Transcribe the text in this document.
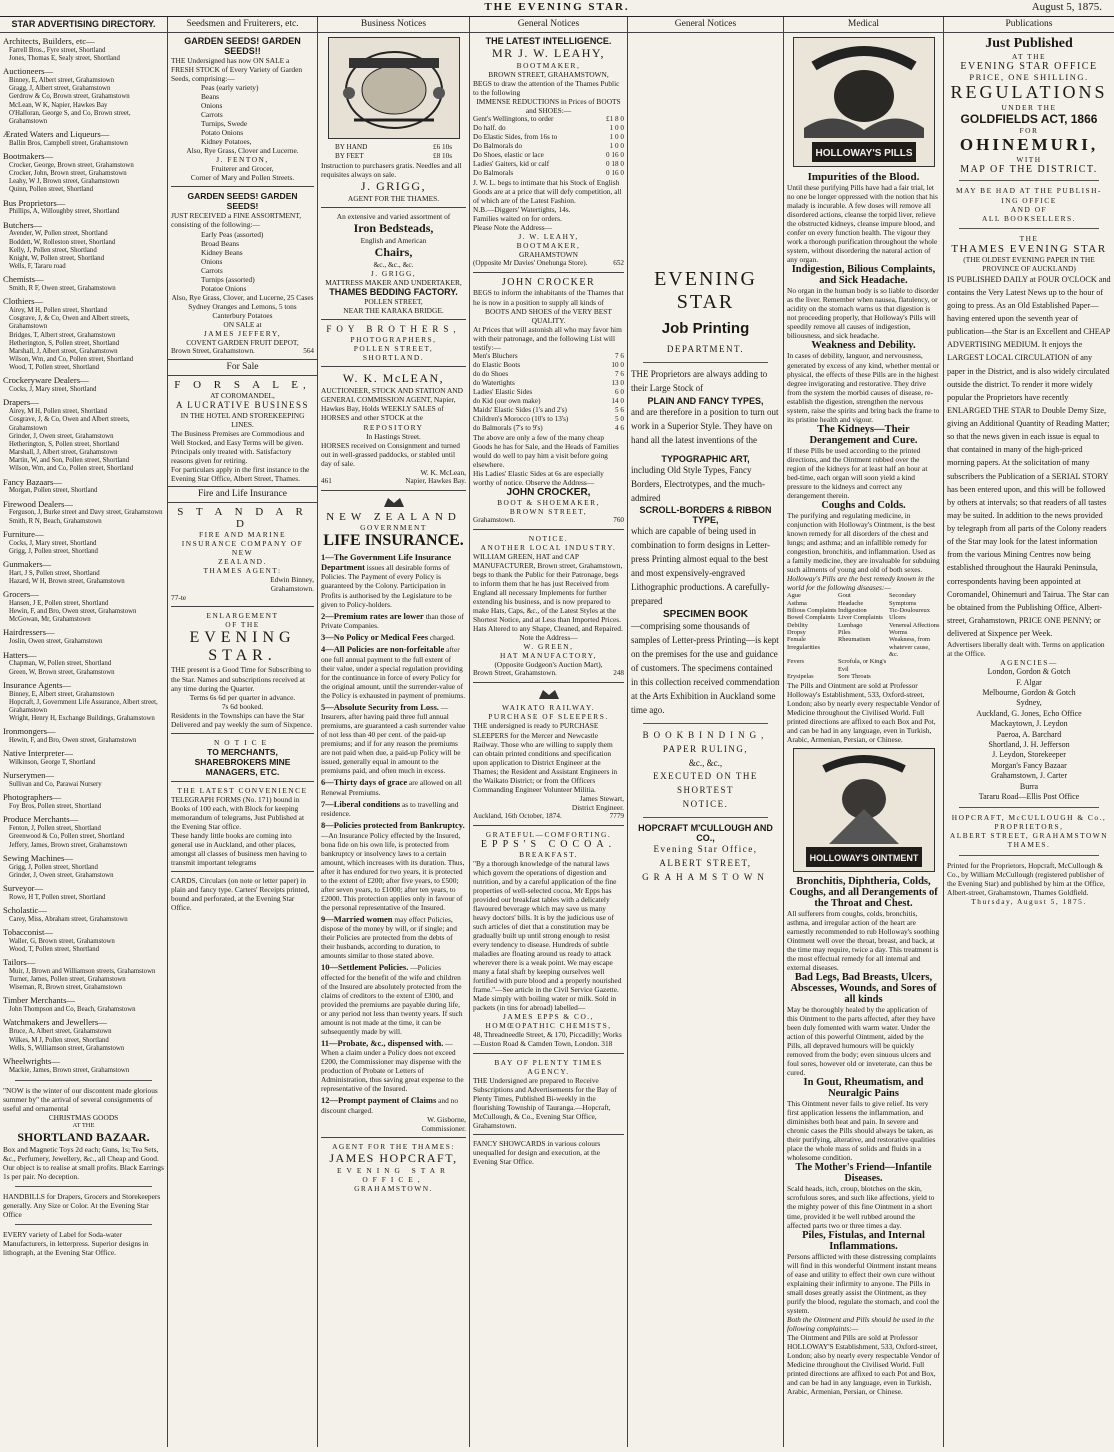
THE EVENING STAR.	August 5, 1875.
STAR ADVERTISING DIRECTORY.
Architects, Builders, etc—
Farrell Bros., Fyre street, Shortland
Jones, Thomas E, Sealy street, Shortland
Auctioneers—
Binney, E, Albert street, Grahamstown
Gragg, J, Albert street, Grahamstown
Gerdrow & Co, Brown street, Grahamstown
McLean, W K, Napier, Hawkes Bay
O'Halloran, George S, and Co, Brown street, Grahamstown
Ærated Waters and Liqueurs—
Ballin Bros, Campbell street, Grahamstown
Bootmakers—
Crocker, George, Brown street, Grahamstown
Crocker, John, Brown street, Grahamstown
Leahy, W J, Brown street, Grahamstown
Quinn, Pollen street, Shortland
Bus Proprietors—
Phillips, A, Willoughby street, Shortland
Butchers—
Avender, W, Pollen street, Shortland
Boddett, W, Rolleston street, Shortland
Kelly, J, Pollen street, Shortland
Knight, W, Pollen street, Shortland
Wells, F, Tararu road
Chemists—
Smith, R F, Owen street, Grahamstown
Clothiers—
Airey, M H, Pollen street, Shortland
Cosgrave, J, & Co, Owen and Albert streets, Grahamstown
Bridges, T, Albert street, Grahamstown
Hetherington, S, Pollen street, Shortland
Marshall, J, Albert street, Grahamstown
Wilson, Wm, and Co, Pollen street, Shortland
Wood, T, Pollen street, Shortland
Crockeryware Dealers—
Cocks, J, Mary street, Shortland
Drapers—
Airey, M H, Pollen street, Shortland
Cosgrave, J, & Co, Owen and Albert streets, Grahamstown
Grinder, J, Owen street, Grahamstown
Hetherington, S, Pollen street, Shortland
Marshall, J, Albert street, Grahamstown
Martin, W, and Son, Pollen street, Shortland
Wilson, Wm, and Co, Pollen street, Shortland
Fancy Bazaars—
Morgan, Pollen street, Shortland
Firewood Dealers—
Ferguson, J, Burke street and Davy street, Grahamstown
Smith, R N, Beach, Grahamstown
Furniture—
Cocks, J, Mary street, Shortland
Grigg, J, Pollen street, Shortland
Gunmakers—
Hart, J S, Pollen street, Shortland
Hazard, W H, Brown street, Grahamstown
Grocers—
Hansen, J E, Pollen street, Shortland
Hewin, F, and Bro, Owen street, Grahamstown
McGowan, Mr, Grahamstown
Hairdressers—
Joslin, Owen street, Grahamstown
Hatters—
Chapman, W, Pollen street, Shortland
Green, W, Brown street, Grahamstown
Insurance Agents—
Binney, E, Albert street, Grahamstown
Hopcraft, J, Government Life Assurance, Albert street, Grahamstown
Wright, Henry H, Exchange Buildings, Grahamstown
Ironmongers—
Hewin, F, and Bro, Owen street, Grahamstown
Native Interpreter—
Wilkinson, George T, Shortland
Nurserymen—
Sullivan and Co, Parawai Nursery
Photographers—
Foy Bros, Pollen street, Shortland
Produce Merchants—
Fenton, J, Pollen street, Shortland
Greenwood & Co, Pollen street, Shortland
Jeffery, James, Brown street, Grahamstown
Sewing Machines—
Grigg, J, Pollen street, Shortland
Grinder, J, Owen street, Grahamstown
Surveyor—
Rowe, H T, Pollen street, Shortland
Scholastic—
Carey, Miss, Abraham street, Grahamstown
Tobacconist—
Waller, G, Brown street, Grahamstown
Wood, T, Pollen street, Shortland
Tailors—
Muir, J, Brown and Williamson streets, Grahamstown
Turner, James, Pollen street, Grahamstown
Wiseman, R, Brown street, Grahamstown
Timber Merchants—
John Thompson and Co, Beach, Grahamstown
Watchmakers and Jewellers—
Bruce, A, Albert street, Grahamstown
Wilkes, M J, Pollen street, Shortland
Wells, S, Williamson street, Grahamstown
Wheelwrights—
Mackie, James, Brown street, Grahamstown
"NOW is the winter of our discontent made glorious summer by" the arrival of several consignments of useful and ornamental
CHRISTMAS GOODS
AT THE
SHORTLAND BAZAAR.
Box and Magnetic Toys 2d each; Guns, 1s; Tea Sets, &c., Perfumery, Jewellery, &c., all Cheap and Good.
Our object is to realise at small profits. Black Earrings 1s per pair. No deception.
HANDBILLS for Drapers, Grocers and Storekeepers generally. Any Size or Color. At the Evening Star Office
EVERY variety of Label for Soda-water Manufacturers, in letterpress. Superior designs in lithograph, at the Evening Star Office.
Seedsmen and Fruiterers, etc.
GARDEN SEEDS! GARDEN SEEDS!!
THE Undersigned has now ON SALE a FRESH STOCK of Every Variety of Garden Seeds, comprising:—
Peas (early variety)
Beans
Onions
Carrots
Turnips, Swede
Potato Onions
Kidney Potatoes,
Also, Rye Grass, Clover and Lucerne.
J. FENTON,
Fruiterer and Grocer,
Corner of Mary and Pollen Streets.
GARDEN SEEDS! GARDEN SEEDS!
JUST RECEIVED a FINE ASSORTMENT, consisting of the following:—
Early Peas (assorted)
Broad Beans
Kidney Beans
Onions
Carrots
Turnips (assorted)
Potatoe Onions
Also, Rye Grass, Clover, and Lucerne, 25 Cases Sydney Oranges and Lemons, 5 tons Canterbury Potatoes
ON SALE at
JAMES JEFFERY,
COVENT GARDEN FRUIT DEPOT,
Brown Street, Grahamstown.	564
For Sale
F O R S A L E,
AT COROMANDEL,
A LUCRATIVE BUSINESS
IN THE HOTEL AND STOREKEEPING LINES.
The Business Premises are Commodious and Well Stocked, and Easy Terms will be given.
Principals only treated with. Satisfactory reasons given for retiring.
For particulars apply in the first instance to the Evening Star Office, Albert Street, Thames.
Fire and Life Insurance
S T A N D A R D
FIRE AND MARINE
INSURANCE COMPANY OF NEW
ZEALAND.
THAMES AGENT:
Edwin Binney,
Grahamstown.
77-te
ENLARGEMENT
OF THE
EVENING STAR.
THE present is a Good Time for Subscribing to the Star. Names and subscriptions received at any time during the Quarter.
Terms 6s 6d per quarter in advance.
7s 6d booked.
Residents in the Townships can have the Star Delivered and pay weekly the sum of Sixpence.
NOTICE
TO MERCHANTS, SHAREBROKERS MINE MANAGERS, ETC.
THE LATEST CONVENIENCE
TELEGRAPH FORMS (No. 171) bound in Books of 100 each, with Block for keeping memorandum of telegrams, Just Published at the Evening Star office.
These handy little books are coming into general use in Auckland, and other places, amongst all classes of business men having to transmit important telegrams
CARDS, Circulars (on note or letter paper) in plain and fancy type. Carters' Receipts printed, bound and perforated, at the Evening Star Office.
Business Notices
BY HAND	£6 10s
BY FEET	£8 10s
Instruction to purchasers gratis. Needles and all requisites always on sale.
J. GRIGG,
AGENT FOR THE THAMES.
An extensive and varied assortment of
Iron Bedsteads,
English and American
Chairs,
&c., &c., &c.
J. GRIGG,
MATTRESS MAKER AND UNDERTAKER,
THAMES BEDDING FACTORY.
POLLEN STREET,
NEAR THE KARAKA BRIDGE.
FOY BROTHERS,
PHOTOGRAPHERS,
POLLEN STREET,
SHORTLAND.
W. K. McLEAN,
AUCTIONEER, STOCK AND STATION AND GENERAL COMMISSION AGENT, Napier, Hawkes Bay, Holds WEEKLY SALES of HORSES and other STOCK at the
REPOSITORY
In Hastings Street.
HORSES received on Consignment and turned out in well-grassed paddocks, or stabled until day of sale.
W. K. McLean,
461	Napier, Hawkes Bay.
NEW ZEALAND
GOVERNMENT
LIFE INSURANCE.
1—The Government Life Insurance Department issues all desirable forms of Policies. The Payment of every Policy is guaranteed by the Colony. Participation in Profits is authorised by the Legislature to be given to Policy-holders.
2—Premium rates are lower than those of Private Companies.
3—No Policy or Medical Fees charged.
4—All Policies are non-forfeitable after one full annual payment to the full extent of their value, under a special regulation providing for the continuance in force of every Policy for the original amount, until the surrender-value of the Policy is exhausted in payment of premiums.
5—Absolute Security from Loss. —Insurers, after having paid three full annual premiums, are guaranteed a cash surrender value of not less than 40 per cent. of the paid-up premiums; and if for any reason the premiums are not paid when due, a paid-up Policy will be issued, generally equal in amount to the premiums paid, and often much in excess.
6—Thirty days of grace are allowed on all Renewal Premiums.
7—Liberal conditions as to travelling and residence.
8—Policies protected from Bankruptcy. —An Insurance Policy effected by the Insured, bona fide on his own life, is protected from bankruptcy or insolvency laws to a certain amount, which increases with its duration. Thus, after it has endured for two years, it is protected to the extent of £200; after five years, to £500; after seven years, to £1000; after ten years, to £2000. This protection applies only in favour of the personal representative of the Insured.
9—Married women may effect Policies, dispose of the money by will, or if single; and their Policies are protected from the debts of their husbands, according to duration, to amounts similar to those stated above.
10—Settlement Policies. —Policies effected for the benefit of the wife and children of the Insured are absolutely protected from the claims of creditors to the extent of £300, and provided the premiums are payable during life, or any period not less than twenty years. If such amount is not made at the time, it can be subsequently made by will.
11—Probate, &c., dispensed with. —When a claim under a Policy does not exceed £200, the Commissioner may dispense with the production of Probate or Letters of Administration, thus saving great expense to the representative of the Insured.
12—Prompt payment of Claims and no discount charged.
W. Gisborne,
Commissioner.
AGENT FOR THE THAMES:
JAMES HOPCRAFT,
EVENING STAR OFFICE,
GRAHAMSTOWN.
General Notices
THE LATEST INTELLIGENCE.
MR J. W. LEAHY,
BOOTMAKER,
BROWN STREET, GRAHAMSTOWN,
BEGS to draw the attention of the Thames Public to the following
IMMENSE REDUCTIONS in Prices of BOOTS and SHOES:—
Gent's Wellingtons, to order	£1 8 0
Do half. do	1 0 0
Do Elastic Sides, from 16s to	1 0 0
Do Balmorals do	1 0 0
Do Shoes, elastic or lace	0 16 0
Ladies' Gaiters, kid or calf	0 18 0
Do Balmorals	0 16 0
J. W. L. begs to intimate that his Stock of English Goods are at a price that will defy competition, all of which are of the Latest Fashion.
N.B.—Diggers' Watertights, 14s.
Families waited on for orders.
Please Note the Address—
J. W. LEAHY,
BOOTMAKER,
GRAHAMSTOWN
(Opposite Mr Davies' Onehunga Store).	652
JOHN CROCKER
BEGS to inform the inhabitants of the Thames that he is now in a position to supply all kinds of
BOOTS AND SHOES of the VERY BEST QUALITY.
At Prices that will astonish all who may favor him with their patronage, and the following List will testify:—
Men's Bluchers	7 6
do Elastic Boots	10 0
do do Shoes	7 6
do Watertights	13 0
Ladies' Elastic Sides	6 0
do Kid (our own make)	14 0
Maids' Elastic Sides (1's and 2's)	5 6
Children's Morocco (10's to 13's)	5 0
do Balmorals (7's to 9's)	4 6
The above are only a few of the many cheap Goods he has for Sale, and the Heads of Families would do well to pay him a visit before going elsewhere.
His Ladies' Elastic Sides at 6s are especially worthy of notice. Observe the Address—
JOHN CROCKER,
BOOT & SHOEMAKER,
BROWN STREET,
Grahamstown.	760
NOTICE.
ANOTHER LOCAL INDUSTRY.
WILLIAM GREEN, HAT and CAP MANUFACTURER, Brown street, Grahamstown, begs to thank the Public for their Patronage, begs to inform them that he has just Received from England all necessary Implements for further extending his business, and is now prepared to make Hats, Caps, &c., of the Latest Styles at the Shortest Notice, and at Less than Imported Prices. Hats Altered to any Shape, Cleaned, and Repaired.
Note the Address—
W. GREEN,
HAT MANUFACTORY,
(Opposite Gudgeon's Auction Mart),
Brown Street, Grahamstown.	248
WAIKATO RAILWAY.
PURCHASE OF SLEEPERS.
THE undersigned is ready to PURCHASE SLEEPERS for the Mercer and Newcastle Railway. Those who are willing to supply them can obtain printed conditions and specification upon application to District Engineer at the Thames; the Resident and Assistant Engineers in the Waikato District; or from the Officers Commanding Engineer Volunteer Militia.
James Stewart,
District Engineer.
Auckland, 16th October, 1874.	7779
GRATEFUL—COMFORTING.
EPPS'S COCOA.
BREAKFAST.
"By a thorough knowledge of the natural laws which govern the operations of digestion and nutrition, and by a careful application of the fine properties of well-selected cocoa, Mr Epps has provided our breakfast tables with a delicately flavoured beverage which may save us many heavy doctors' bills. It is by the judicious use of such articles of diet that a constitution may be gradually built up until strong enough to resist every tendency to disease. Hundreds of subtle maladies are floating around us ready to attack wherever there is a weak point. We may escape many a fatal shaft by keeping ourselves well fortified with pure blood and a properly nourished frame."—See article in the Civil Service Gazette.
Made simply with boiling water or milk. Sold in packets (in tins for abroad) labelled—
JAMES EPPS & CO.,
HOMŒOPATHIC CHEMISTS,
48, Threadneedle Street, & 170, Piccadilly; Works—Euston Road & Camden Town, London. 318
BAY OF PLENTY TIMES
AGENCY.
THE Undersigned are prepared to Receive Subscriptions and Advertisements for the Bay of Plenty Times, Published Bi-weekly in the flourishing Township of Tauranga.—Hopcraft, McCullough, & Co., Evening Star Office, Grahamstown.
FANCY SHOWCARDS in various colours unequalled for design and execution, at the Evening Star Office.
General Notices
EVENING STAR
Job Printing
DEPARTMENT.
THE Proprietors are always adding to their Large Stock of
PLAIN AND FANCY TYPES,
and are therefore in a position to turn out work in a Superior Style. They have on hand all the latest inventions of the
TYPOGRAPHIC ART,
including Old Style Types, Fancy Borders, Electrotypes, and the much-admired
SCROLL-BORDERS & RIBBON TYPE,
which are capable of being used in combination to form designs in Letter-press Printing almost equal to the best and most expensively-engraved Lithographic productions. A carefully-prepared
SPECIMEN BOOK
—comprising some thousands of samples of Letter-press Printing—is kept on the premises for the use and guidance of customers. The specimens contained in this collection received commendation at the Arts Exhibition in Auckland some time ago.
BOOKBINDING,
PAPER RULING,
&c., &c.,
EXECUTED ON THE SHORTEST
NOTICE.
HOPCRAFT M'CULLOUGH AND CO.,
Evening Star Office,
ALBERT STREET,
GRAHAMSTOWN
Medical
HOLLOWAY'S PILLS
Impurities of the Blood.
Until these purifying Pills have had a fair trial, let no one be longer oppressed with the notion that his malady is incurable. A few doses will remove all disordered actions, cleanse the torpid liver, relieve the obstructed kidneys, cleanse impure blood, and confer on every function health. The vigour they work a thorough purification throughout the whole system, without disordering the natural action of any organ.
Indigestion, Bilious Complaints, and Sick Headache.
No organ in the human body is so liable to disorder as the liver. Remember when nausea, flatulency, or acidity on the stomach warns us that digestion is not proceeding properly, that Holloway's Pills will speedily remove all causes of indigestion, biliousness, and sick headache.
Weakness and Debility.
In cases of debility, languor, and nervousness, generated by excess of any kind, whether mental or physical, the effects of these Pills are in the highest degree invigorating and restorative. They drive from the system the morbid causes of disease, re-establish the digestion, strengthen the nervous system, raise the spirits and bring back the frame to its pristine health and vigour.
The Kidneys—Their Derangement and Cure.
If these Pills be used according to the printed directions, and the Ointment rubbed over the region of the kidneys for at least half an hour at bed-time, each organ will soon yield a kind pressure to the kidneys and correct any derangement therein.
Coughs and Colds.
The purifying and regulating medicine, in conjunction with Holloway's Ointment, is the best known remedy for all disorders of the chest and lungs; and asthma; and an infallible remedy for congestion, bronchitis, and inflammation. Used as a family medicine, they are invaluable for subduing such ailments of young and old of both sexes.
Holloway's Pills are the best remedy known in the world for the following diseases:—
Ague	Gout	Secondary
Asthma	Headache	Symptoms
Bilious Complaints Indigestion	Tic-Douloureux
Bowel Complaints Liver Complaints Ulcers
Debility	Lumbago	Venereal Affections
Dropsy	Piles	Worms
Female Irregularities
Rheumatism	Weakness, from whatever cause, &c.
Fevers	Scrofula, or King's Evil
Erysipelas	Sore Throats
The Pills and Ointment are sold at Professor Holloway's Establishment, 533, Oxford-street, London; also by nearly every respectable Vendor of Medicine throughout the Civilised World. Full printed directions are affixed to each Box and Pot, and can be had in any language, even in Turkish, Arabic, Armenian, Persian, or Chinese.
HOLLOWAY'S OINTMENT
Bronchitis, Diphtheria, Colds, Coughs, and all Derangements of the Throat and Chest.
All sufferers from coughs, colds, bronchitis, asthma, and irregular action of the heart are earnestly recommended to rub Holloway's soothing Ointment well over the throat, breast, and back, at the time may require, twice a day. This treatment is the most effectual remedy for all internal and external diseases.
Bad Legs, Bad Breasts, Ulcers, Abscesses, Wounds, and Sores of all kinds
May be thoroughly healed by the application of this Ointment to the parts affected, after they have been duly fomented with warm water. Under the action of this powerful Ointment, aided by the Pills, all depraved humours will be quickly removed from the body; even sinuous ulcers and foul sores, however old or inveterate, can thus be cured.
In Gout, Rheumatism, and Neuralgic Pains
This Ointment never fails to give relief. Its very first application lessens the inflammation, and diminishes both heat and pain. In severe and chronic cases the Pills should always be taken, as their purifying, alterative, and restorative qualities place the whole mass of solids and fluids in a wholesome condition.
The Mother's Friend—Infantile Diseases.
Scald heads, itch, croup, blotches on the skin, scrofulous sores, and such like affections, yield to the mighty power of this fine Ointment in a short time, provided it be well rubbed around the affected parts two or three times a day.
Piles, Fistulas, and Internal Inflammations.
Persons afflicted with these distressing complaints will find in this wonderful Ointment instant means of ease and utility to effect their own cure without explaining their infirmity to anyone. The Pills in small doses greatly assist the Ointment, as they purify the blood, regulate the stomach, and cool the system.
Both the Ointment and Pills should be used in the following complaints:—
The Ointment and Pills are sold at Professor HOLLOWAY'S Establishment, 533, Oxford-street, London; also by nearly every respectable Vendor of Medicine throughout the Civilised World. Full printed directions are affixed to each Pot and Box, and can be had in any language, even in Turkish, Arabic, Armenian, Persian, or Chinese.
Publications
Just Published
AT THE
EVENING STAR OFFICE
PRICE, ONE SHILLING.
REGULATIONS
UNDER THE
GOLDFIELDS ACT, 1866
FOR
OHINEMURI,
WITH
MAP OF THE DISTRICT.
MAY BE HAD AT THE PUBLISH-
ING OFFICE
AND OF
ALL BOOKSELLERS.
THE
THAMES EVENING STAR
(THE OLDEST EVENING PAPER IN THE PROVINCE OF AUCKLAND)
IS PUBLISHED DAILY at FOUR O'CLOCK and contains the Very Latest News up to the hour of going to press. As an Old Established Paper—having entered upon the seventh year of publication—the Star is an Excellent and CHEAP ADVERTISING MEDIUM. It enjoys the LARGEST LOCAL CIRCULATION of any paper in the District, and is also widely circulated outside the district. To render it more widely popular the Proprietors have recently ENLARGED THE STAR to Double Demy Size, giving an Additional Quantity of Reading Matter; so that the news given in each issue is equal to that contained in many of the high-priced morning papers. At the solicitation of many subscribers the Publication of a SERIAL STORY has been entered upon, and this will be followed by others at intervals; so that readers of all tastes may be suited. In addition to the news provided by telegraph from all parts of the Colony readers of the Star may look for the latest information from the various Mining Centres now being established throughout the Hauraki Peninsula, correspondents having been appointed at Coromandel, Ohinemuri and Tairua. The Star can be obtained from the Publishing Office, Albert-street, Grahamstown, PRICE ONE PENNY; or delivered at Sixpence per Week.
Advertisers liberally dealt with. Terms on application at the Office.
AGENCIES—
London, Gordon & Gotch
F. Algar
Melbourne, Gordon & Gotch
Sydney,
Auckland, G. Jones, Echo Office
Mackaytown, J. Leydon
Paeroa, A. Barchard
Shortland, J. H. Jefferson
J. Leydon, Storekeeper
Morgan's Fancy Bazaar
Grahamstown, J. Carter
Burra
Tararu Road—Ellis Post Office
HOPCRAFT, McCULLOUGH & Co.,
PROPRIETORS,
ALBERT STREET, GRAHAMSTOWN THAMES.
Printed for the Proprietors, Hopcraft, McCullough & Co., by William McCullough (registered publisher of the Evening Star) and published by him at the Office, Albert-street, Grahamstown, Thames Goldfield.
Thursday, August 5, 1875.
